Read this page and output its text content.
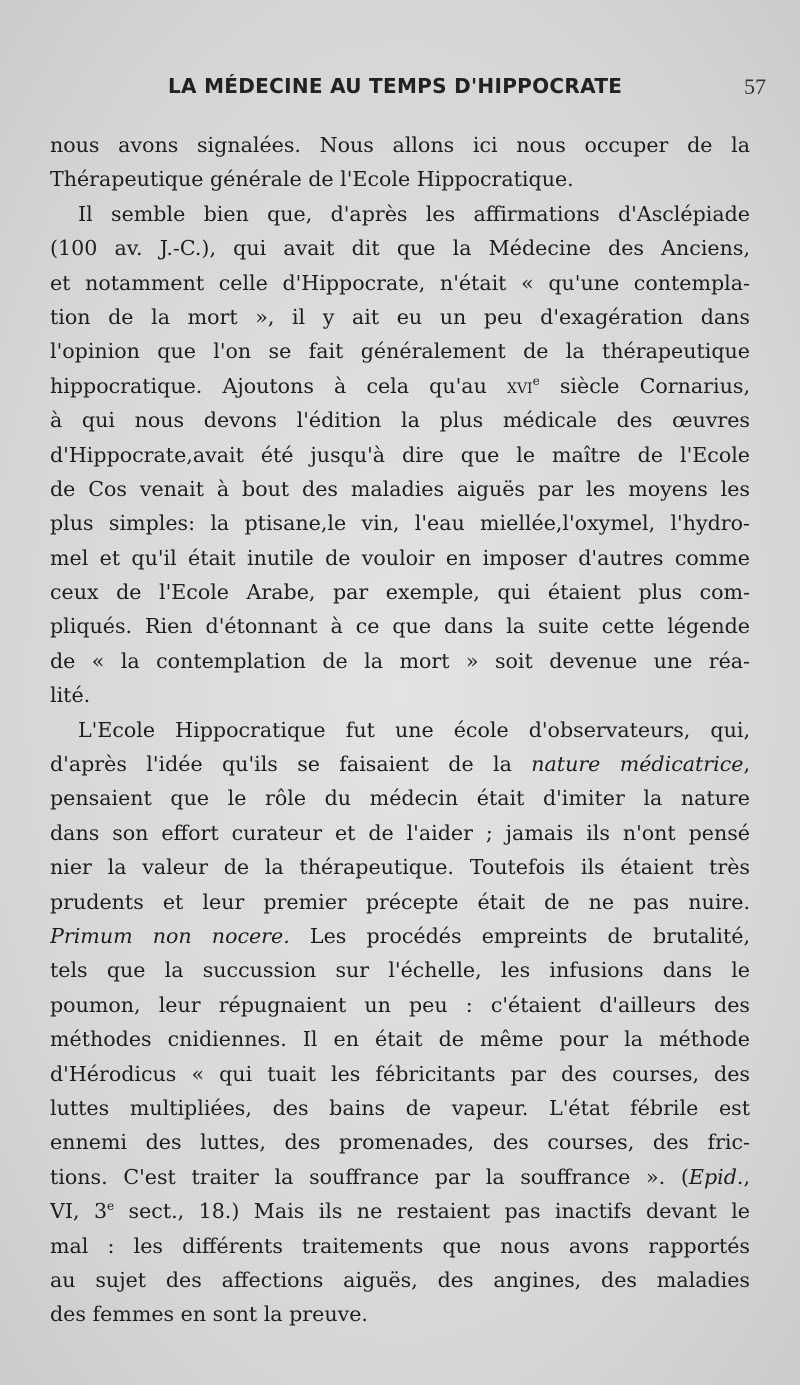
LA MÉDECINE AU TEMPS D'HIPPOCRATE	57
nous avons signalées. Nous allons ici nous occuper de la
Thérapeutique générale de l'Ecole Hippocratique.
Il semble bien que, d'après les affirmations d'Asclépiade
(100 av. J.-C.), qui avait dit que la Médecine des Anciens,
et notamment celle d'Hippocrate, n'était « qu'une contempla-
tion de la mort », il y ait eu un peu d'exagération dans
l'opinion que l'on se fait généralement de la thérapeutique
hippocratique. Ajoutons à cela qu'au xvi$^e$ siècle Cornarius,
à qui nous devons l'édition la plus médicale des œuvres
d'Hippocrate,avait été jusqu'à dire que le maître de l'Ecole
de Cos venait à bout des maladies aiguës par les moyens les
plus simples: la ptisane,le vin, l'eau miellée,l'oxymel, l'hydro-
mel et qu'il était inutile de vouloir en imposer d'autres comme
ceux de l'Ecole Arabe, par exemple, qui étaient plus com-
pliqués. Rien d'étonnant à ce que dans la suite cette légende
de « la contemplation de la mort » soit devenue une réa-
lité.
L'Ecole Hippocratique fut une école d'observateurs, qui,
d'après l'idée qu'ils se faisaient de la nature médicatrice,
pensaient que le rôle du médecin était d'imiter la nature
dans son effort curateur et de l'aider ; jamais ils n'ont pensé
nier la valeur de la thérapeutique. Toutefois ils étaient très
prudents et leur premier précepte était de ne pas nuire.
Primum non nocere. Les procédés empreints de brutalité,
tels que la succussion sur l'échelle, les infusions dans le
poumon, leur répugnaient un peu : c'étaient d'ailleurs des
méthodes cnidiennes. Il en était de même pour la méthode
d'Hérodicus « qui tuait les fébricitants par des courses, des
luttes multipliées, des bains de vapeur. L'état fébrile est
ennemi des luttes, des promenades, des courses, des fric-
tions. C'est traiter la souffrance par la souffrance ». (Epid.,
VI, 3e sect., 18.) Mais ils ne restaient pas inactifs devant le
mal : les différents traitements que nous avons rapportés
au sujet des affections aiguës, des angines, des maladies
des femmes en sont la preuve.
